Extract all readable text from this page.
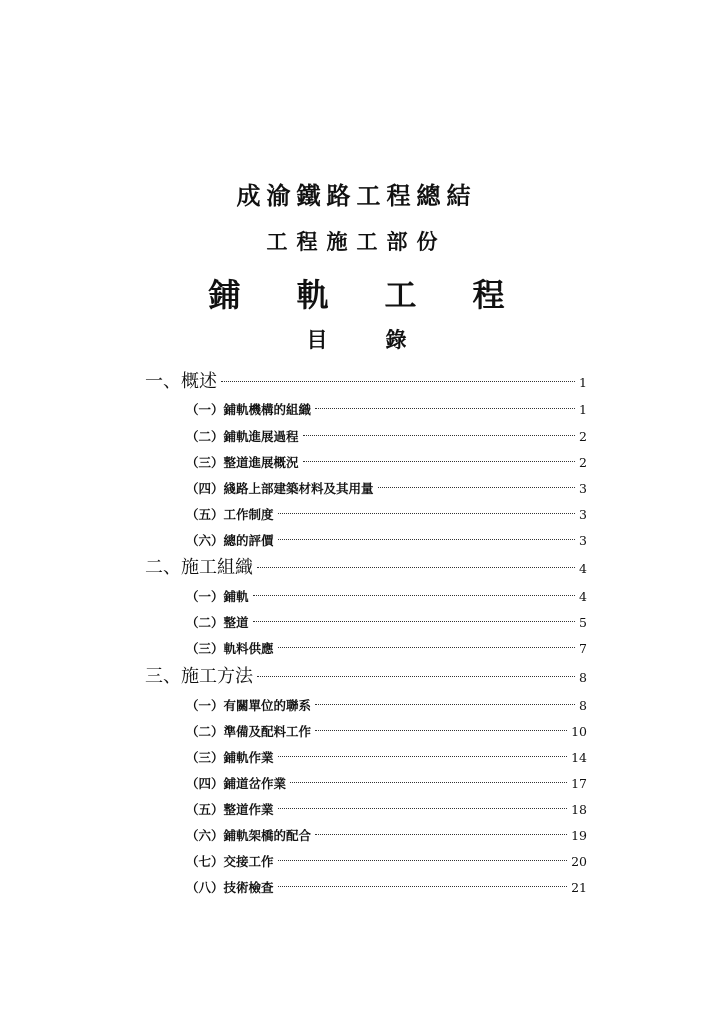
成渝鐵路工程總結
工程施工部份
鋪軌工程
目錄
一、概述	1
（一）鋪軌機構的組織	1
（二）鋪軌進展過程	2
（三）整道進展概況	2
（四）綫路上部建築材料及其用量	3
（五）工作制度	3
（六）總的評價	3
二、施工組織	4
（一）鋪軌	4
（二）整道	5
（三）軌料供應	7
三、施工方法	8
（一）有關單位的聯系	8
（二）準備及配料工作	10
（三）鋪軌作業	14
（四）鋪道岔作業	17
（五）整道作業	18
（六）鋪軌架橋的配合	19
（七）交接工作	20
（八）技術檢查	21
